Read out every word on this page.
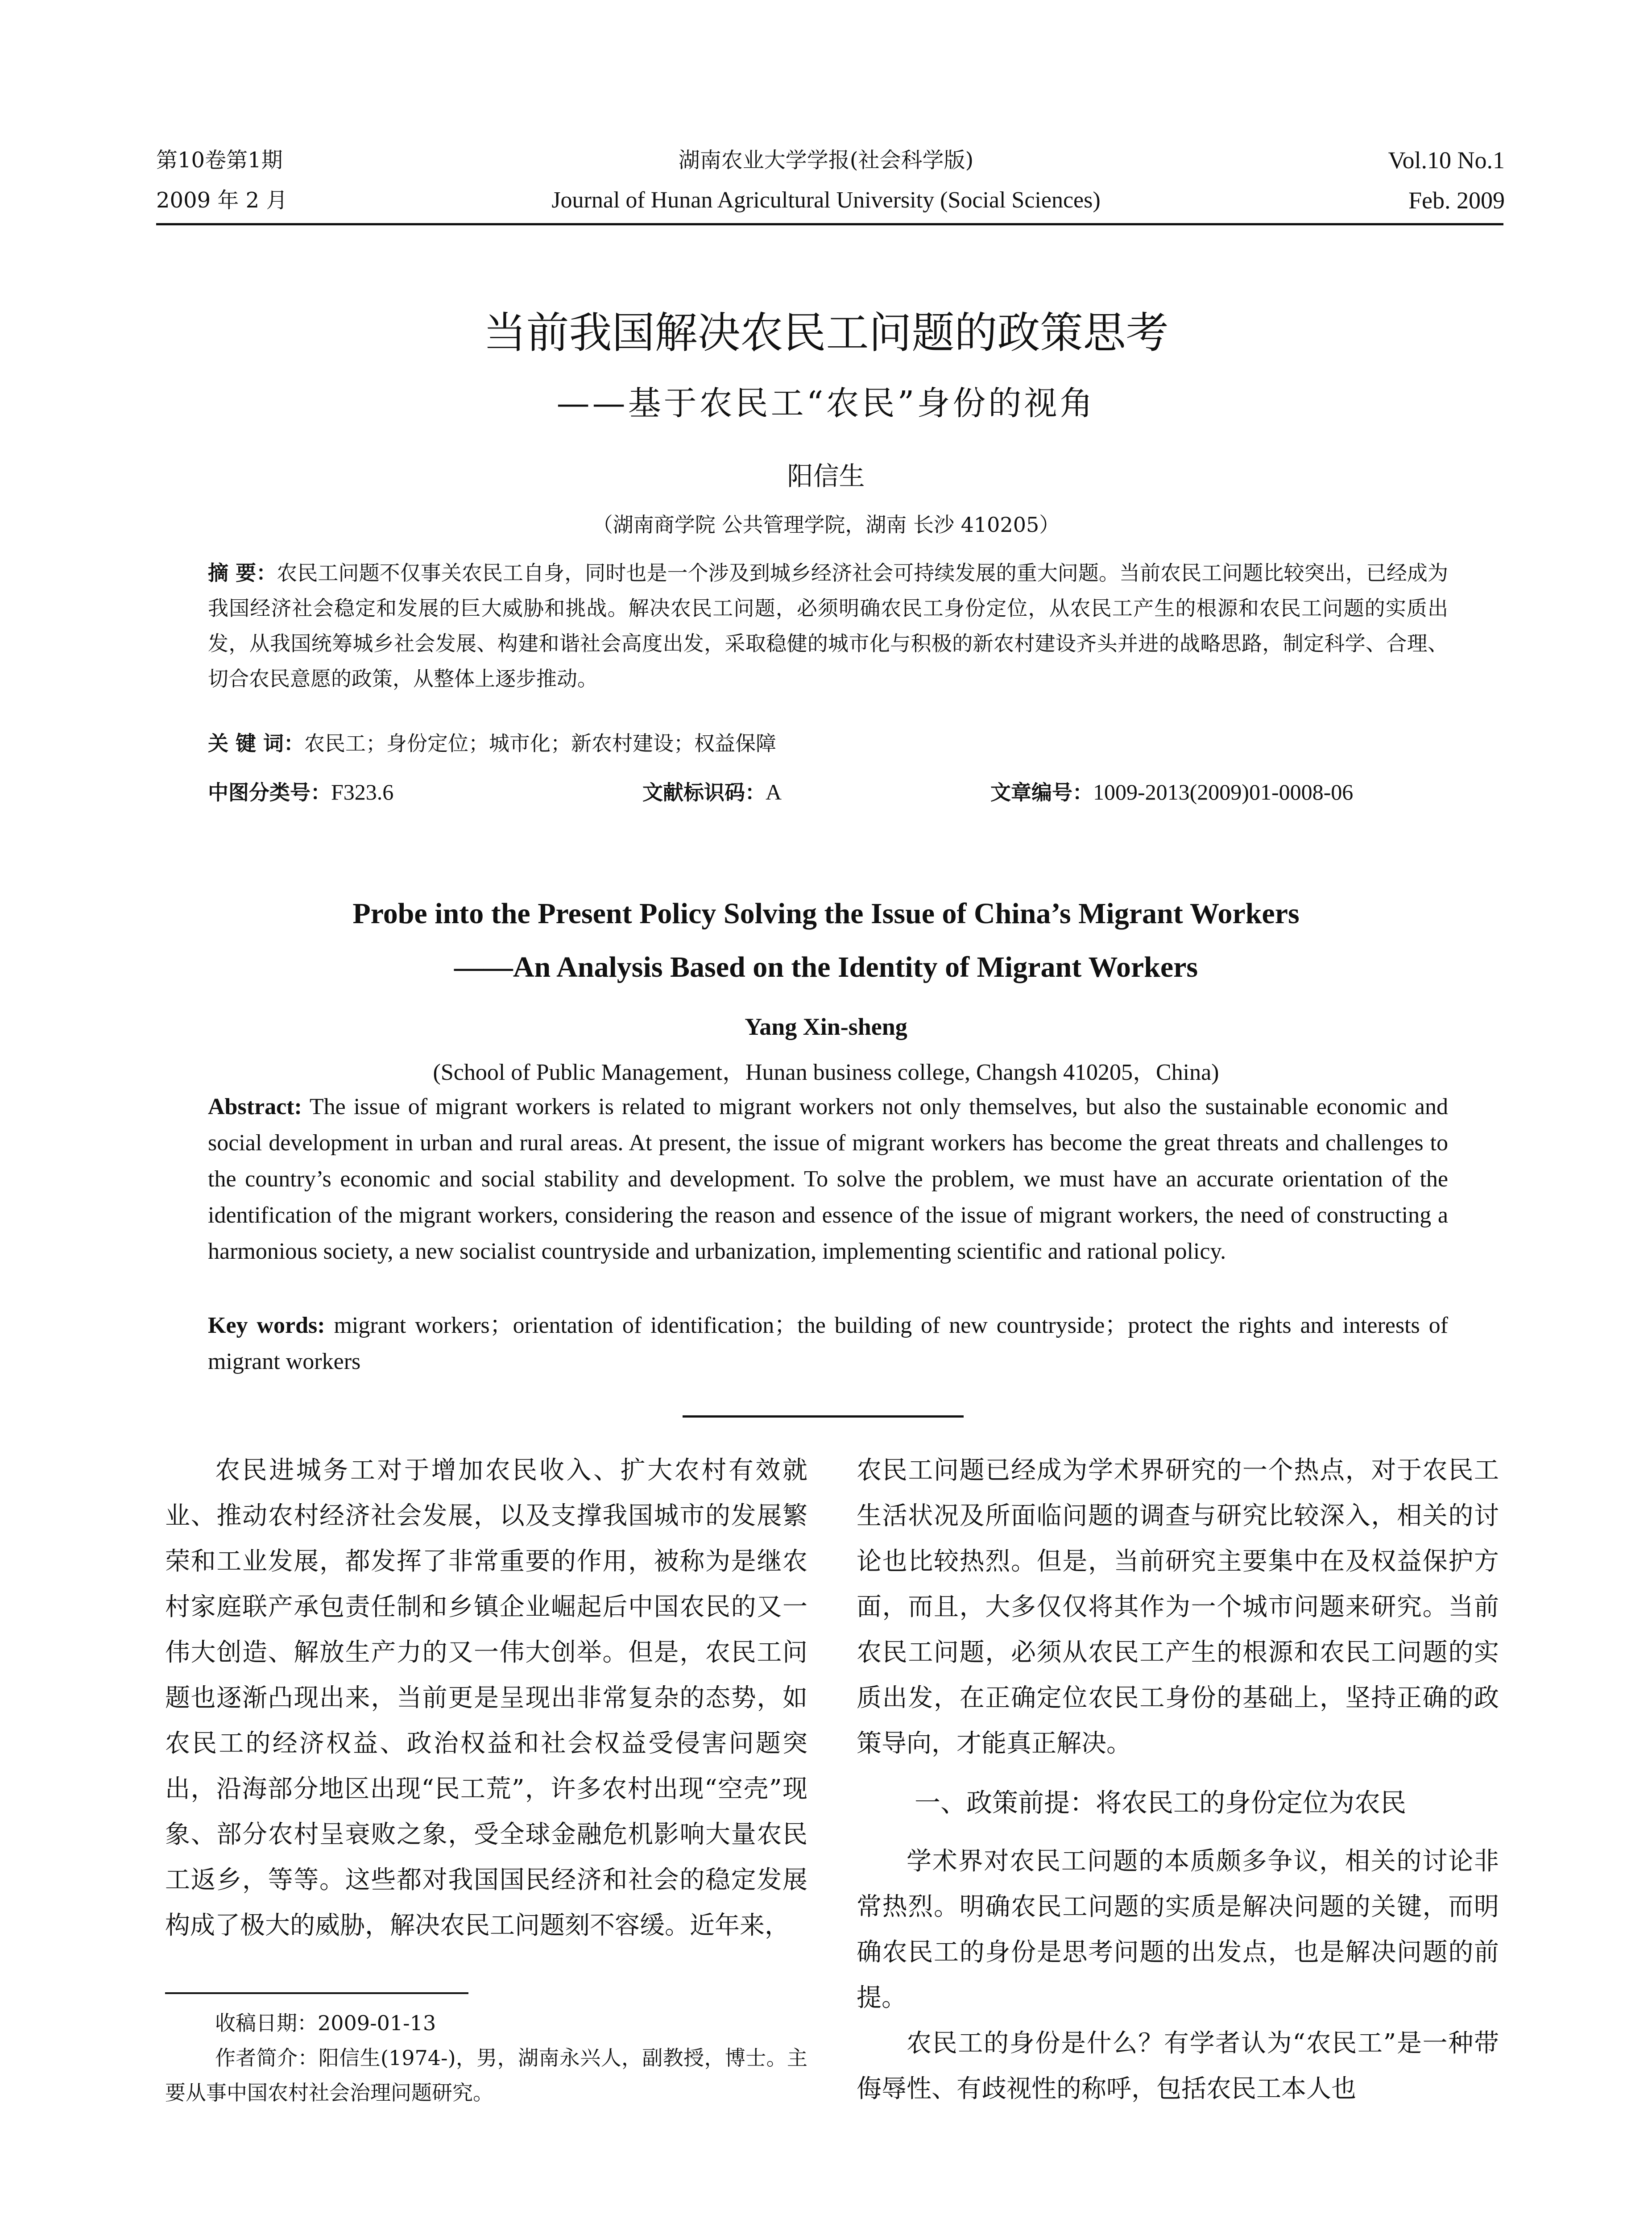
第10卷第1期
2009 年 2 月
湖南农业大学学报(社会科学版)
Journal of Hunan Agricultural University (Social Sciences)
Vol.10 No.1
Feb. 2009
当前我国解决农民工问题的政策思考
——基于农民工“农民”身份的视角
阳信生
（湖南商学院 公共管理学院，湖南 长沙 410205）
摘 要：农民工问题不仅事关农民工自身，同时也是一个涉及到城乡经济社会可持续发展的重大问题。当前农民工问题比较突出，已经成为我国经济社会稳定和发展的巨大威胁和挑战。解决农民工问题，必须明确农民工身份定位，从农民工产生的根源和农民工问题的实质出发，从我国统筹城乡社会发展、构建和谐社会高度出发，采取稳健的城市化与积极的新农村建设齐头并进的战略思路，制定科学、合理、切合农民意愿的政策，从整体上逐步推动。
关 键 词：农民工；身份定位；城市化；新农村建设；权益保障
中图分类号：F323.6	文献标识码：A	文章编号：1009-2013(2009)01-0008-06
Probe into the Present Policy Solving the Issue of China’s Migrant Workers
——An Analysis Based on the Identity of Migrant Workers
Yang Xin-sheng
(School of Public Management，Hunan business college, Changsh 410205，China)
Abstract: The issue of migrant workers is related to migrant workers not only themselves, but also the sustainable economic and social development in urban and rural areas. At present, the issue of migrant workers has become the great threats and challenges to the country’s economic and social stability and development. To solve the problem, we must have an accurate orientation of the identification of the migrant workers, considering the reason and essence of the issue of migrant workers, the need of constructing a harmonious society, a new socialist countryside and urbanization, implementing scientific and rational policy.
Key words: migrant workers；orientation of identification；the building of new countryside；protect the rights and interests of migrant workers

农民进城务工对于增加农民收入、扩大农村有效就业、推动农村经济社会发展，以及支撑我国城市的发展繁荣和工业发展，都发挥了非常重要的作用，被称为是继农村家庭联产承包责任制和乡镇企业崛起后中国农民的又一伟大创造、解放生产力的又一伟大创举。但是，农民工问题也逐渐凸现出来，当前更是呈现出非常复杂的态势，如农民工的经济权益、政治权益和社会权益受侵害问题突出，沿海部分地区出现“民工荒”，许多农村出现“空壳”现象、部分农村呈衰败之象，受全球金融危机影响大量农民工返乡，等等。这些都对我国国民经济和社会的稳定发展构成了极大的威胁，解决农民工问题刻不容缓。近年来，

收稿日期：2009-01-13
作者简介：阳信生(1974-)，男，湖南永兴人，副教授，博士。主要从事中国农村社会治理问题研究。

农民工问题已经成为学术界研究的一个热点，对于农民工生活状况及所面临问题的调查与研究比较深入，相关的讨论也比较热烈。但是，当前研究主要集中在及权益保护方面，而且，大多仅仅将其作为一个城市问题来研究。当前农民工问题，必须从农民工产生的根源和农民工问题的实质出发，在正确定位农民工身份的基础上，坚持正确的政策导向，才能真正解决。

一、政策前提：将农民工的身份定位为农民

学术界对农民工问题的本质颇多争议，相关的讨论非常热烈。明确农民工问题的实质是解决问题的关键，而明确农民工的身份是思考问题的出发点，也是解决问题的前提。

农民工的身份是什么？有学者认为“农民工”是一种带侮辱性、有歧视性的称呼，包括农民工本人也
